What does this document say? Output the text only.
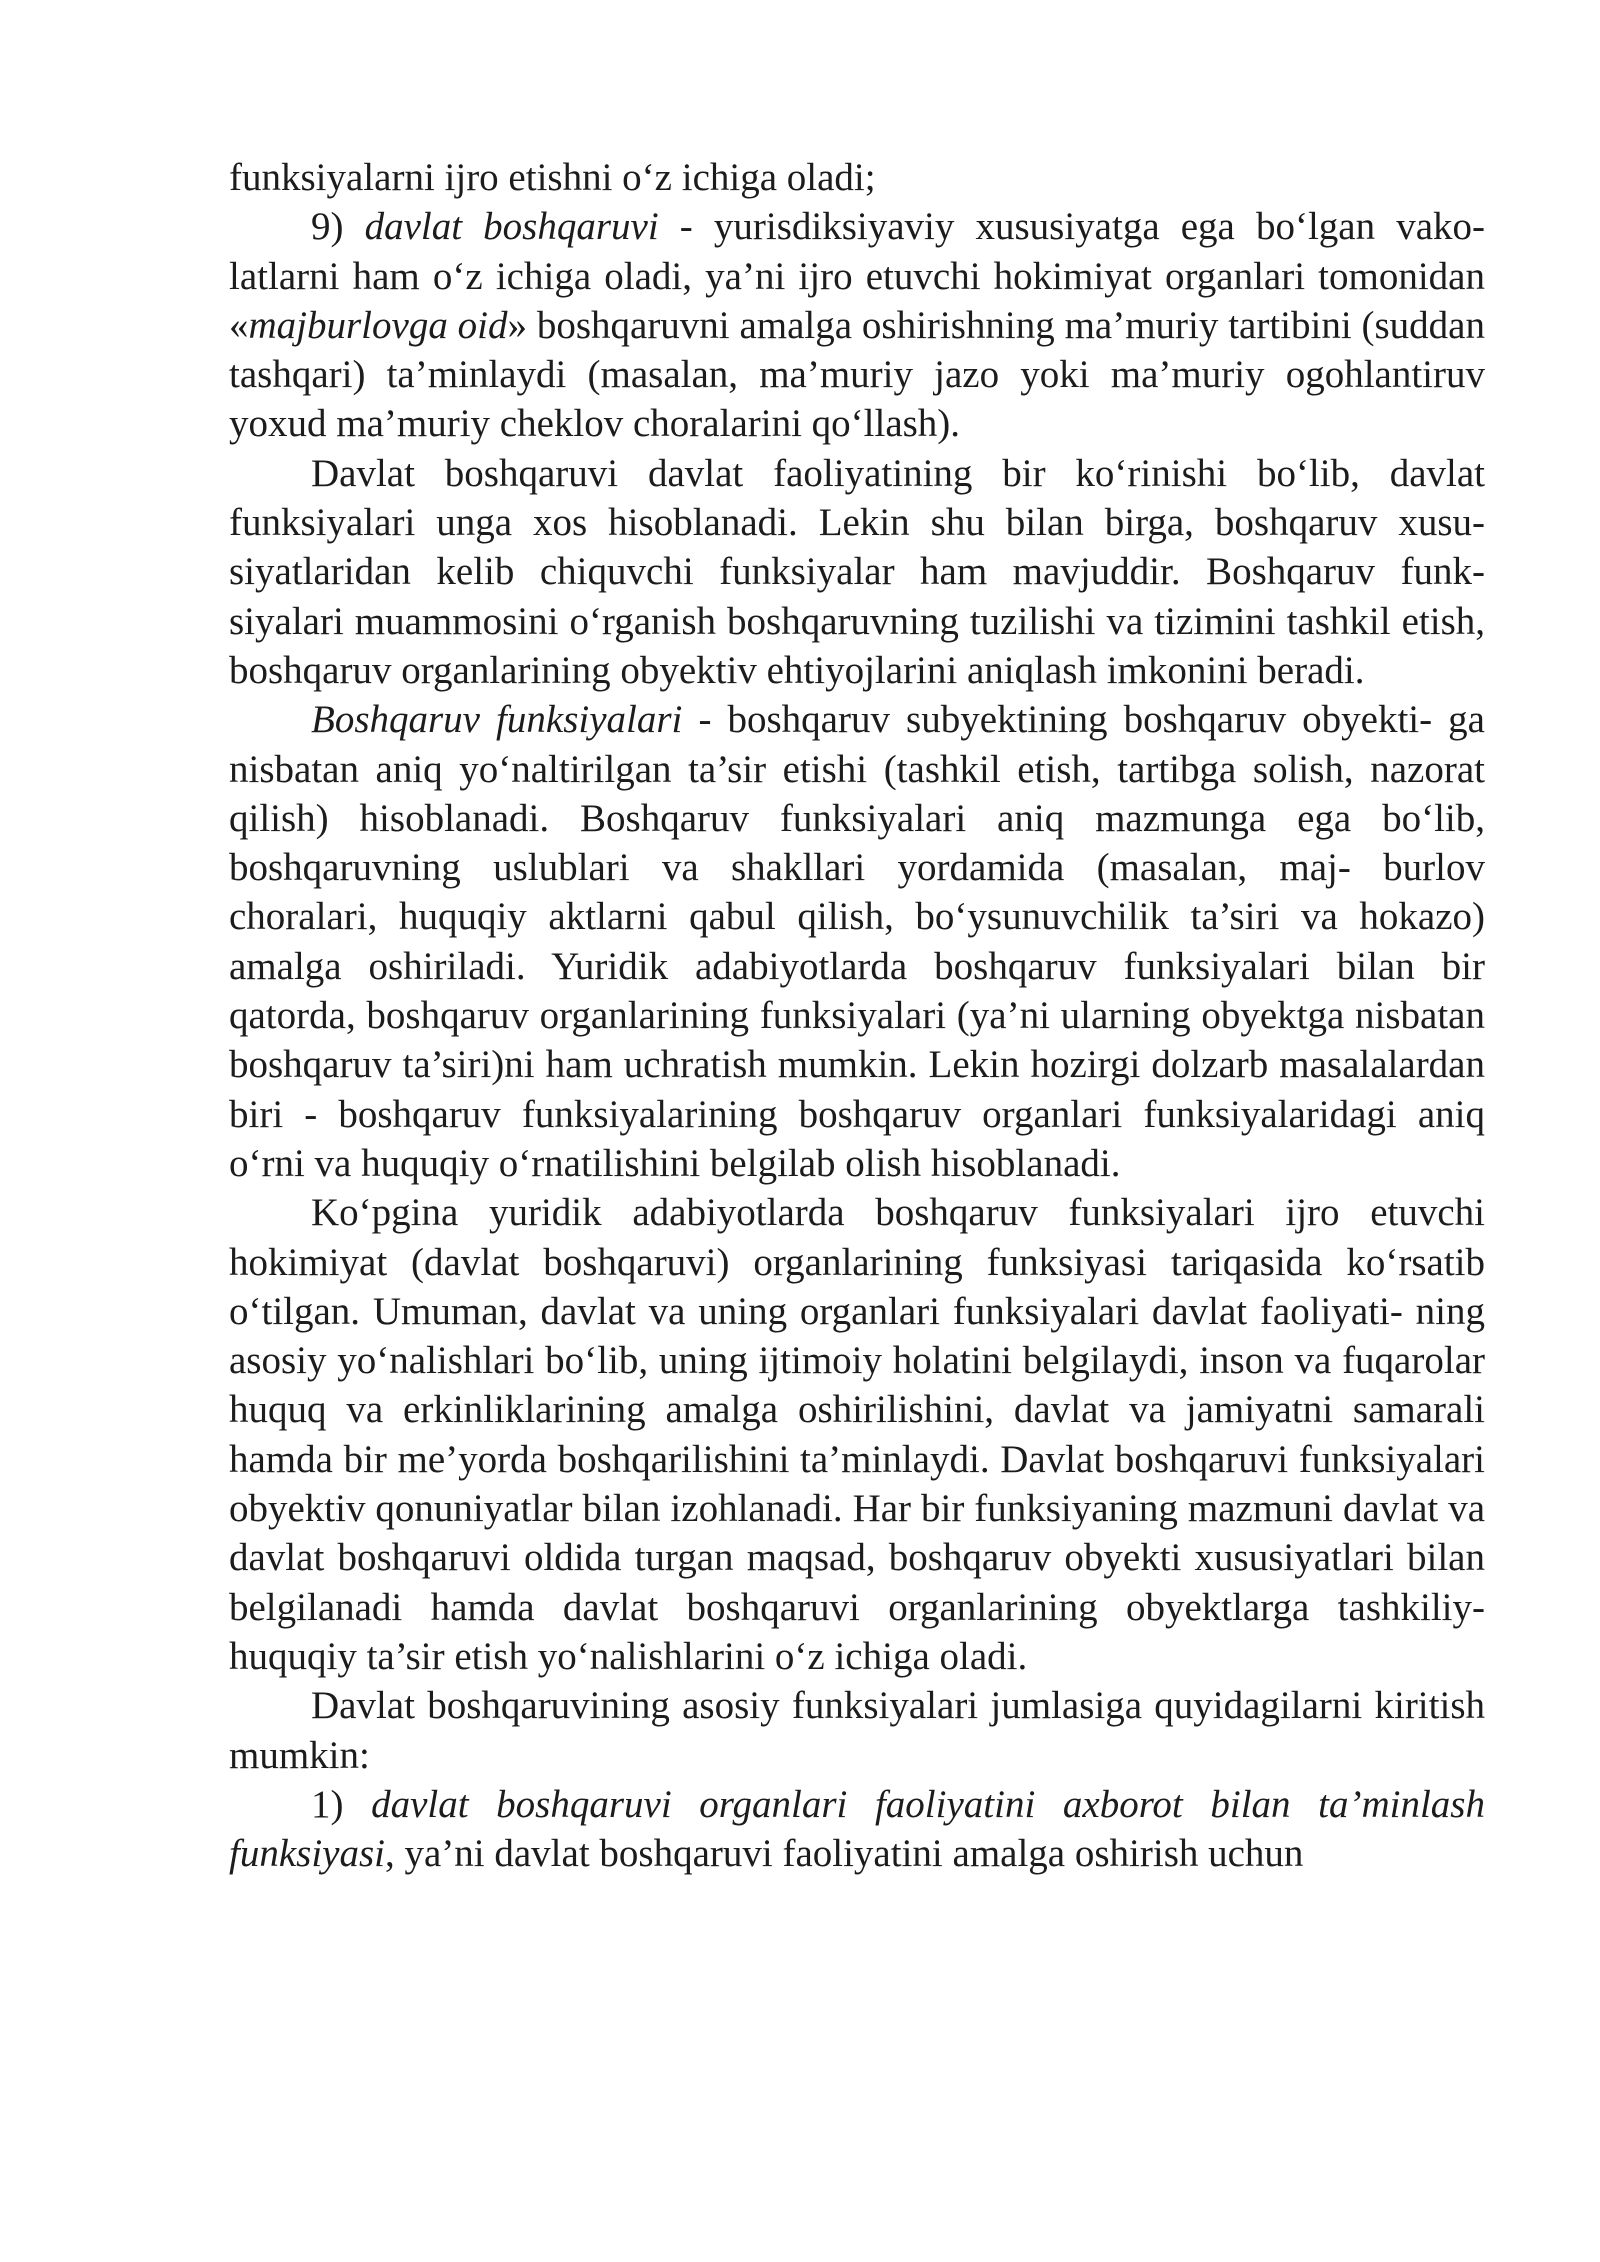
funksiyalarni ijro etishni o‘z ichiga oladi;

9) davlat boshqaruvi - yurisdiksiyaviy xususiyatga ega bo‘lgan vako- latlarni ham o‘z ichiga oladi, ya’ni ijro etuvchi hokimiyat organlari tomonidan «majburlovga oid» boshqaruvni amalga oshirishning ma’muriy tartibini (suddan tashqari) ta’minlaydi (masalan, ma’muriy jazo yoki ma’muriy ogohlantiruv yoxud ma’muriy cheklov choralarini qo‘llash).

Davlat boshqaruvi davlat faoliyatining bir ko‘rinishi bo‘lib, davlat funksiyalari unga xos hisoblanadi. Lekin shu bilan birga, boshqaruv xusu- siyatlaridan kelib chiquvchi funksiyalar ham mavjuddir. Boshqaruv funk- siyalari muammosini o‘rganish boshqaruvning tuzilishi va tizimini tashkil etish, boshqaruv organlarining obyektiv ehtiyojlarini aniqlash imkonini beradi.

Boshqaruv funksiyalari - boshqaruv subyektining boshqaruv obyekti- ga nisbatan aniq yo‘naltirilgan ta’sir etishi (tashkil etish, tartibga solish, nazorat qilish) hisoblanadi. Boshqaruv funksiyalari aniq mazmunga ega bo‘lib, boshqaruvning uslublari va shakllari yordamida (masalan, maj- burlov choralari, huquqiy aktlarni qabul qilish, bo‘ysunuvchilik ta’siri va hokazo) amalga oshiriladi. Yuridik adabiyotlarda boshqaruv funksiyalari bilan bir qatorda, boshqaruv organlarining funksiyalari (ya’ni ularning obyektga nisbatan boshqaruv ta’siri)ni ham uchratish mumkin. Lekin hozirgi dolzarb masalalardan biri - boshqaruv funksiyalarining boshqaruv organlari funksiyalaridagi aniq o‘rni va huquqiy o‘rnatilishini belgilab olish hisoblanadi.

Ko‘pgina yuridik adabiyotlarda boshqaruv funksiyalari ijro etuvchi hokimiyat (davlat boshqaruvi) organlarining funksiyasi tariqasida ko‘rsatib o‘tilgan. Umuman, davlat va uning organlari funksiyalari davlat faoliyati- ning asosiy yo‘nalishlari bo‘lib, uning ijtimoiy holatini belgilaydi, inson va fuqarolar huquq va erkinliklarining amalga oshirilishini, davlat va jamiyatni samarali hamda bir me’yorda boshqarilishini ta’minlaydi. Davlat boshqaruvi funksiyalari obyektiv qonuniyatlar bilan izohlanadi. Har bir funksiyaning mazmuni davlat va davlat boshqaruvi oldida turgan maqsad, boshqaruv obyekti xususiyatlari bilan belgilanadi hamda davlat boshqaruvi organlarining obyektlarga tashkiliy-huquqiy ta’sir etish yo‘nalishlarini o‘z ichiga oladi.

Davlat boshqaruvining asosiy funksiyalari jumlasiga quyidagilarni kiritish mumkin:

1) davlat boshqaruvi organlari faoliyatini axborot bilan ta’minlash funksiyasi, ya’ni davlat boshqaruvi faoliyatini amalga oshirish uchun
